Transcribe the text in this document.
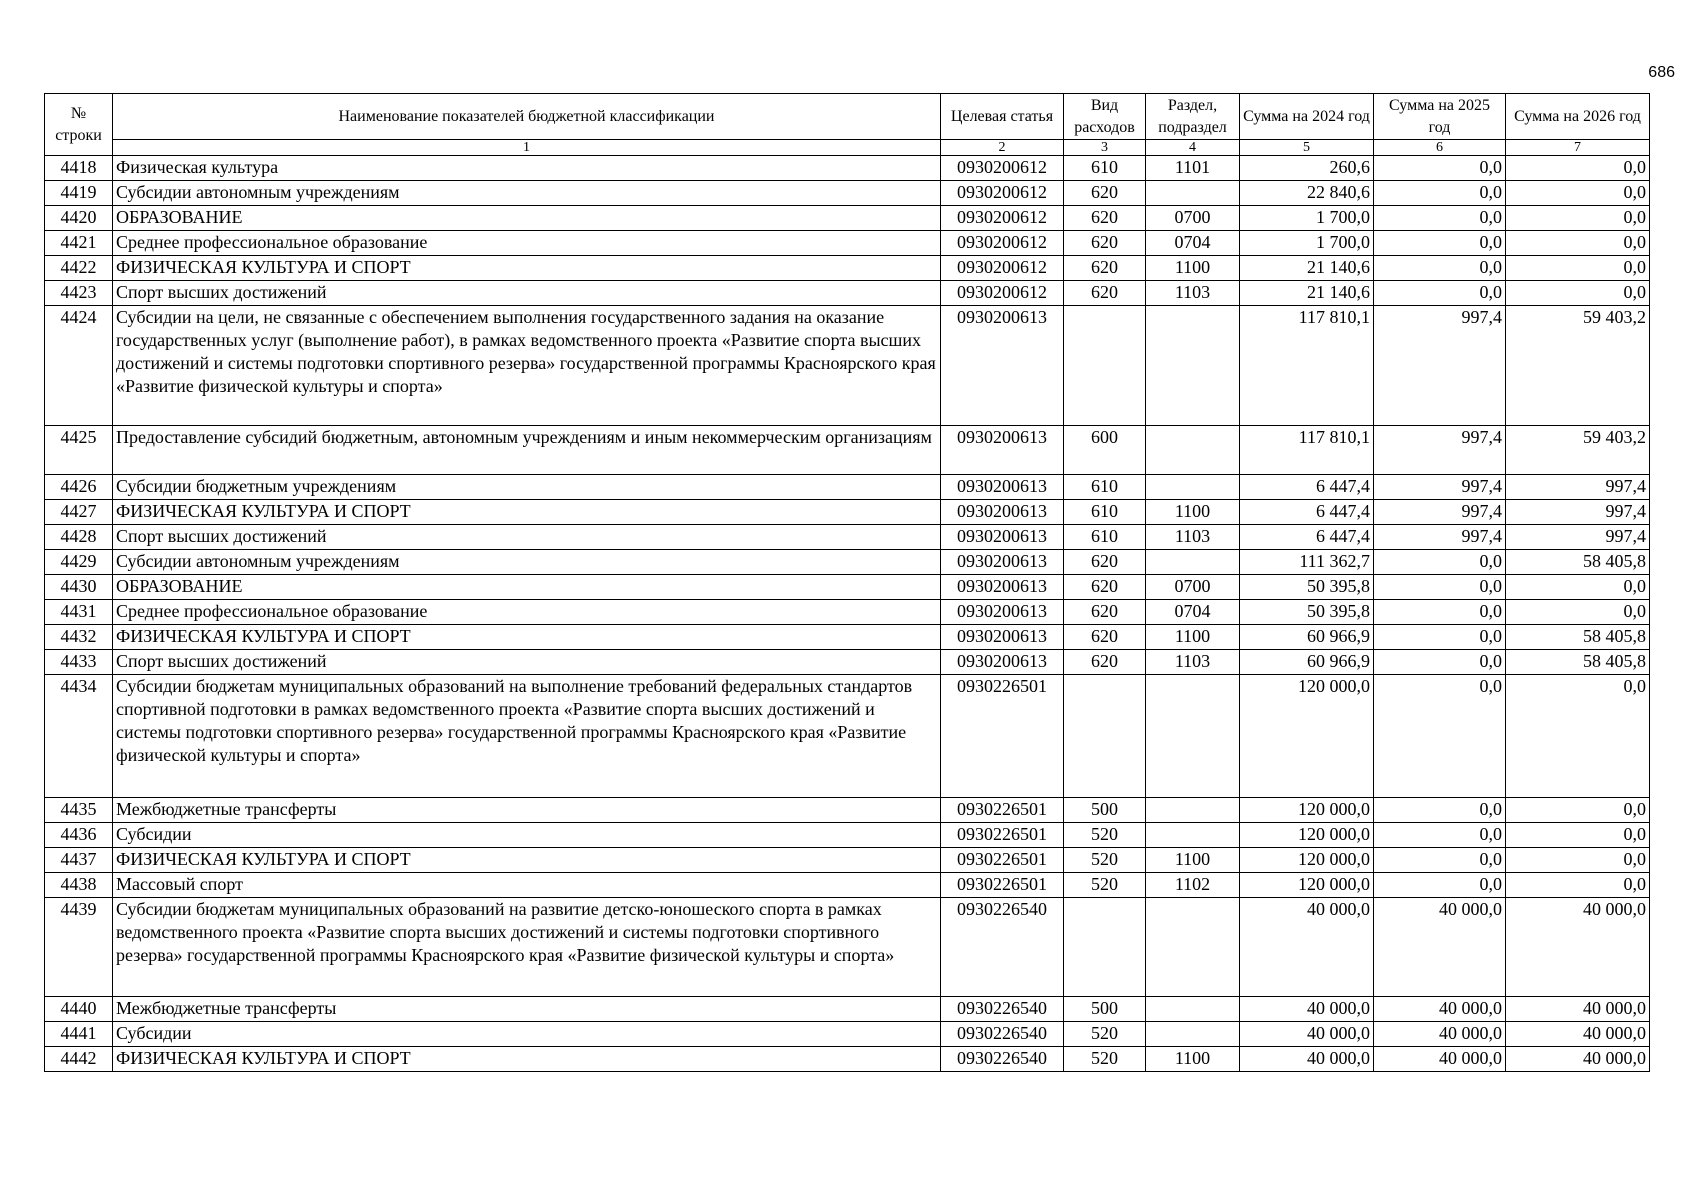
686
№ строки	Наименование показателей бюджетной классификации	Целевая статья	Вид расходов	Раздел, подраздел	Сумма на 2024 год	Сумма на 2025 год	Сумма на 2026 год
	1	2	3	4	5	6	7
4418	Физическая культура	0930200612	610	1101	260,6	0,0	0,0
4419	Субсидии автономным учреждениям	0930200612	620		22 840,6	0,0	0,0
4420	ОБРАЗОВАНИЕ	0930200612	620	0700	1 700,0	0,0	0,0
4421	Среднее профессиональное образование	0930200612	620	0704	1 700,0	0,0	0,0
4422	ФИЗИЧЕСКАЯ КУЛЬТУРА И СПОРТ	0930200612	620	1100	21 140,6	0,0	0,0
4423	Спорт высших достижений	0930200612	620	1103	21 140,6	0,0	0,0
4424	Субсидии на цели, не связанные с обеспечением выполнения государственного задания на оказание государственных услуг (выполнение работ), в рамках ведомственного проекта «Развитие спорта высших достижений и системы подготовки спортивного резерва» государственной программы Красноярского края «Развитие физической культуры и спорта»	0930200613			117 810,1	997,4	59 403,2
4425	Предоставление субсидий бюджетным, автономным учреждениям и иным некоммерческим организациям	0930200613	600		117 810,1	997,4	59 403,2
4426	Субсидии бюджетным учреждениям	0930200613	610		6 447,4	997,4	997,4
4427	ФИЗИЧЕСКАЯ КУЛЬТУРА И СПОРТ	0930200613	610	1100	6 447,4	997,4	997,4
4428	Спорт высших достижений	0930200613	610	1103	6 447,4	997,4	997,4
4429	Субсидии автономным учреждениям	0930200613	620		111 362,7	0,0	58 405,8
4430	ОБРАЗОВАНИЕ	0930200613	620	0700	50 395,8	0,0	0,0
4431	Среднее профессиональное образование	0930200613	620	0704	50 395,8	0,0	0,0
4432	ФИЗИЧЕСКАЯ КУЛЬТУРА И СПОРТ	0930200613	620	1100	60 966,9	0,0	58 405,8
4433	Спорт высших достижений	0930200613	620	1103	60 966,9	0,0	58 405,8
4434	Субсидии бюджетам муниципальных образований на выполнение требований федеральных стандартов спортивной подготовки в рамках ведомственного проекта «Развитие спорта высших достижений и системы подготовки спортивного резерва» государственной программы Красноярского края «Развитие физической культуры и спорта»	0930226501			120 000,0	0,0	0,0
4435	Межбюджетные трансферты	0930226501	500		120 000,0	0,0	0,0
4436	Субсидии	0930226501	520		120 000,0	0,0	0,0
4437	ФИЗИЧЕСКАЯ КУЛЬТУРА И СПОРТ	0930226501	520	1100	120 000,0	0,0	0,0
4438	Массовый спорт	0930226501	520	1102	120 000,0	0,0	0,0
4439	Субсидии бюджетам муниципальных образований на развитие детско-юношеского спорта в рамках ведомственного проекта «Развитие спорта высших достижений и системы подготовки спортивного резерва» государственной программы Красноярского края «Развитие физической культуры и спорта»	0930226540			40 000,0	40 000,0	40 000,0
4440	Межбюджетные трансферты	0930226540	500		40 000,0	40 000,0	40 000,0
4441	Субсидии	0930226540	520		40 000,0	40 000,0	40 000,0
4442	ФИЗИЧЕСКАЯ КУЛЬТУРА И СПОРТ	0930226540	520	1100	40 000,0	40 000,0	40 000,0
